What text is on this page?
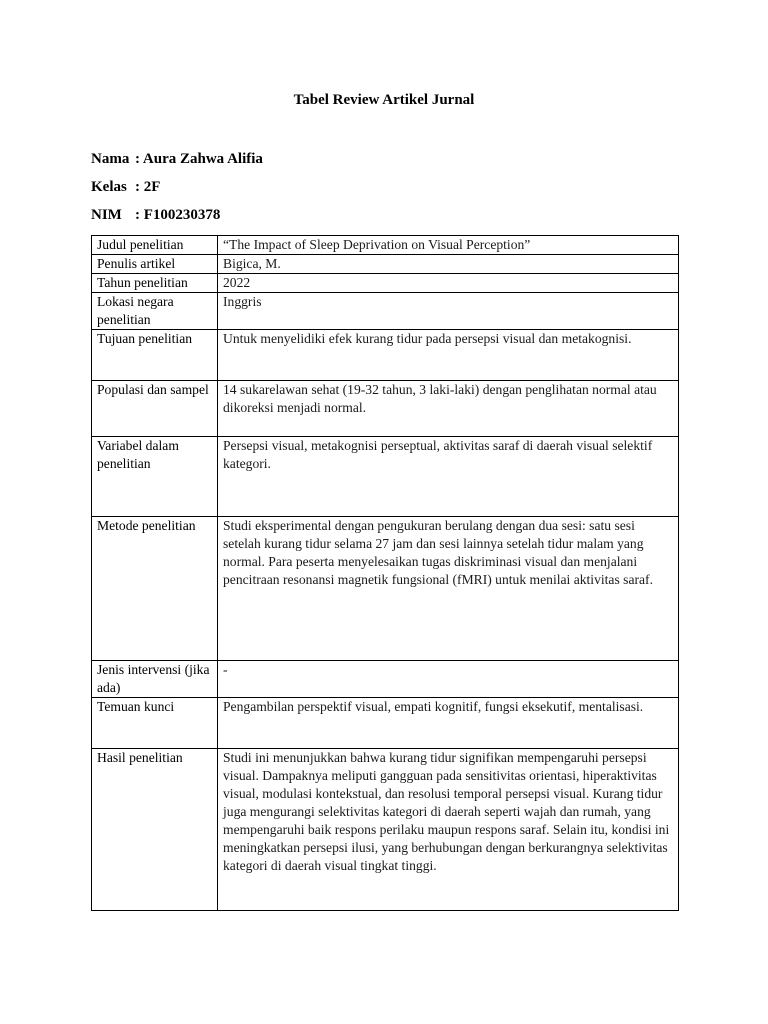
Tabel Review Artikel Jurnal
Nama : Aura Zahwa Alifia
Kelas : 2F
NIM : F100230378
Judul penelitian	“The Impact of Sleep Deprivation on Visual Perception”
Penulis artikel	Bigica, M.
Tahun penelitian	2022
Lokasi negara penelitian	Inggris
Tujuan penelitian	Untuk menyelidiki efek kurang tidur pada persepsi visual dan metakognisi.
Populasi dan sampel	14 sukarelawan sehat (19-32 tahun, 3 laki-laki) dengan penglihatan normal atau dikoreksi menjadi normal.
Variabel dalam penelitian	Persepsi visual, metakognisi perseptual, aktivitas saraf di daerah visual selektif kategori.
Metode penelitian	Studi eksperimental dengan pengukuran berulang dengan dua sesi: satu sesi setelah kurang tidur selama 27 jam dan sesi lainnya setelah tidur malam yang normal. Para peserta menyelesaikan tugas diskriminasi visual dan menjalani pencitraan resonansi magnetik fungsional (fMRI) untuk menilai aktivitas saraf.
Jenis intervensi (jika ada)	-
Temuan kunci	Pengambilan perspektif visual, empati kognitif, fungsi eksekutif, mentalisasi.
Hasil penelitian	Studi ini menunjukkan bahwa kurang tidur signifikan mempengaruhi persepsi visual. Dampaknya meliputi gangguan pada sensitivitas orientasi, hiperaktivitas visual, modulasi kontekstual, dan resolusi temporal persepsi visual. Kurang tidur juga mengurangi selektivitas kategori di daerah seperti wajah dan rumah, yang mempengaruhi baik respons perilaku maupun respons saraf. Selain itu, kondisi ini meningkatkan persepsi ilusi, yang berhubungan dengan berkurangnya selektivitas kategori di daerah visual tingkat tinggi.
